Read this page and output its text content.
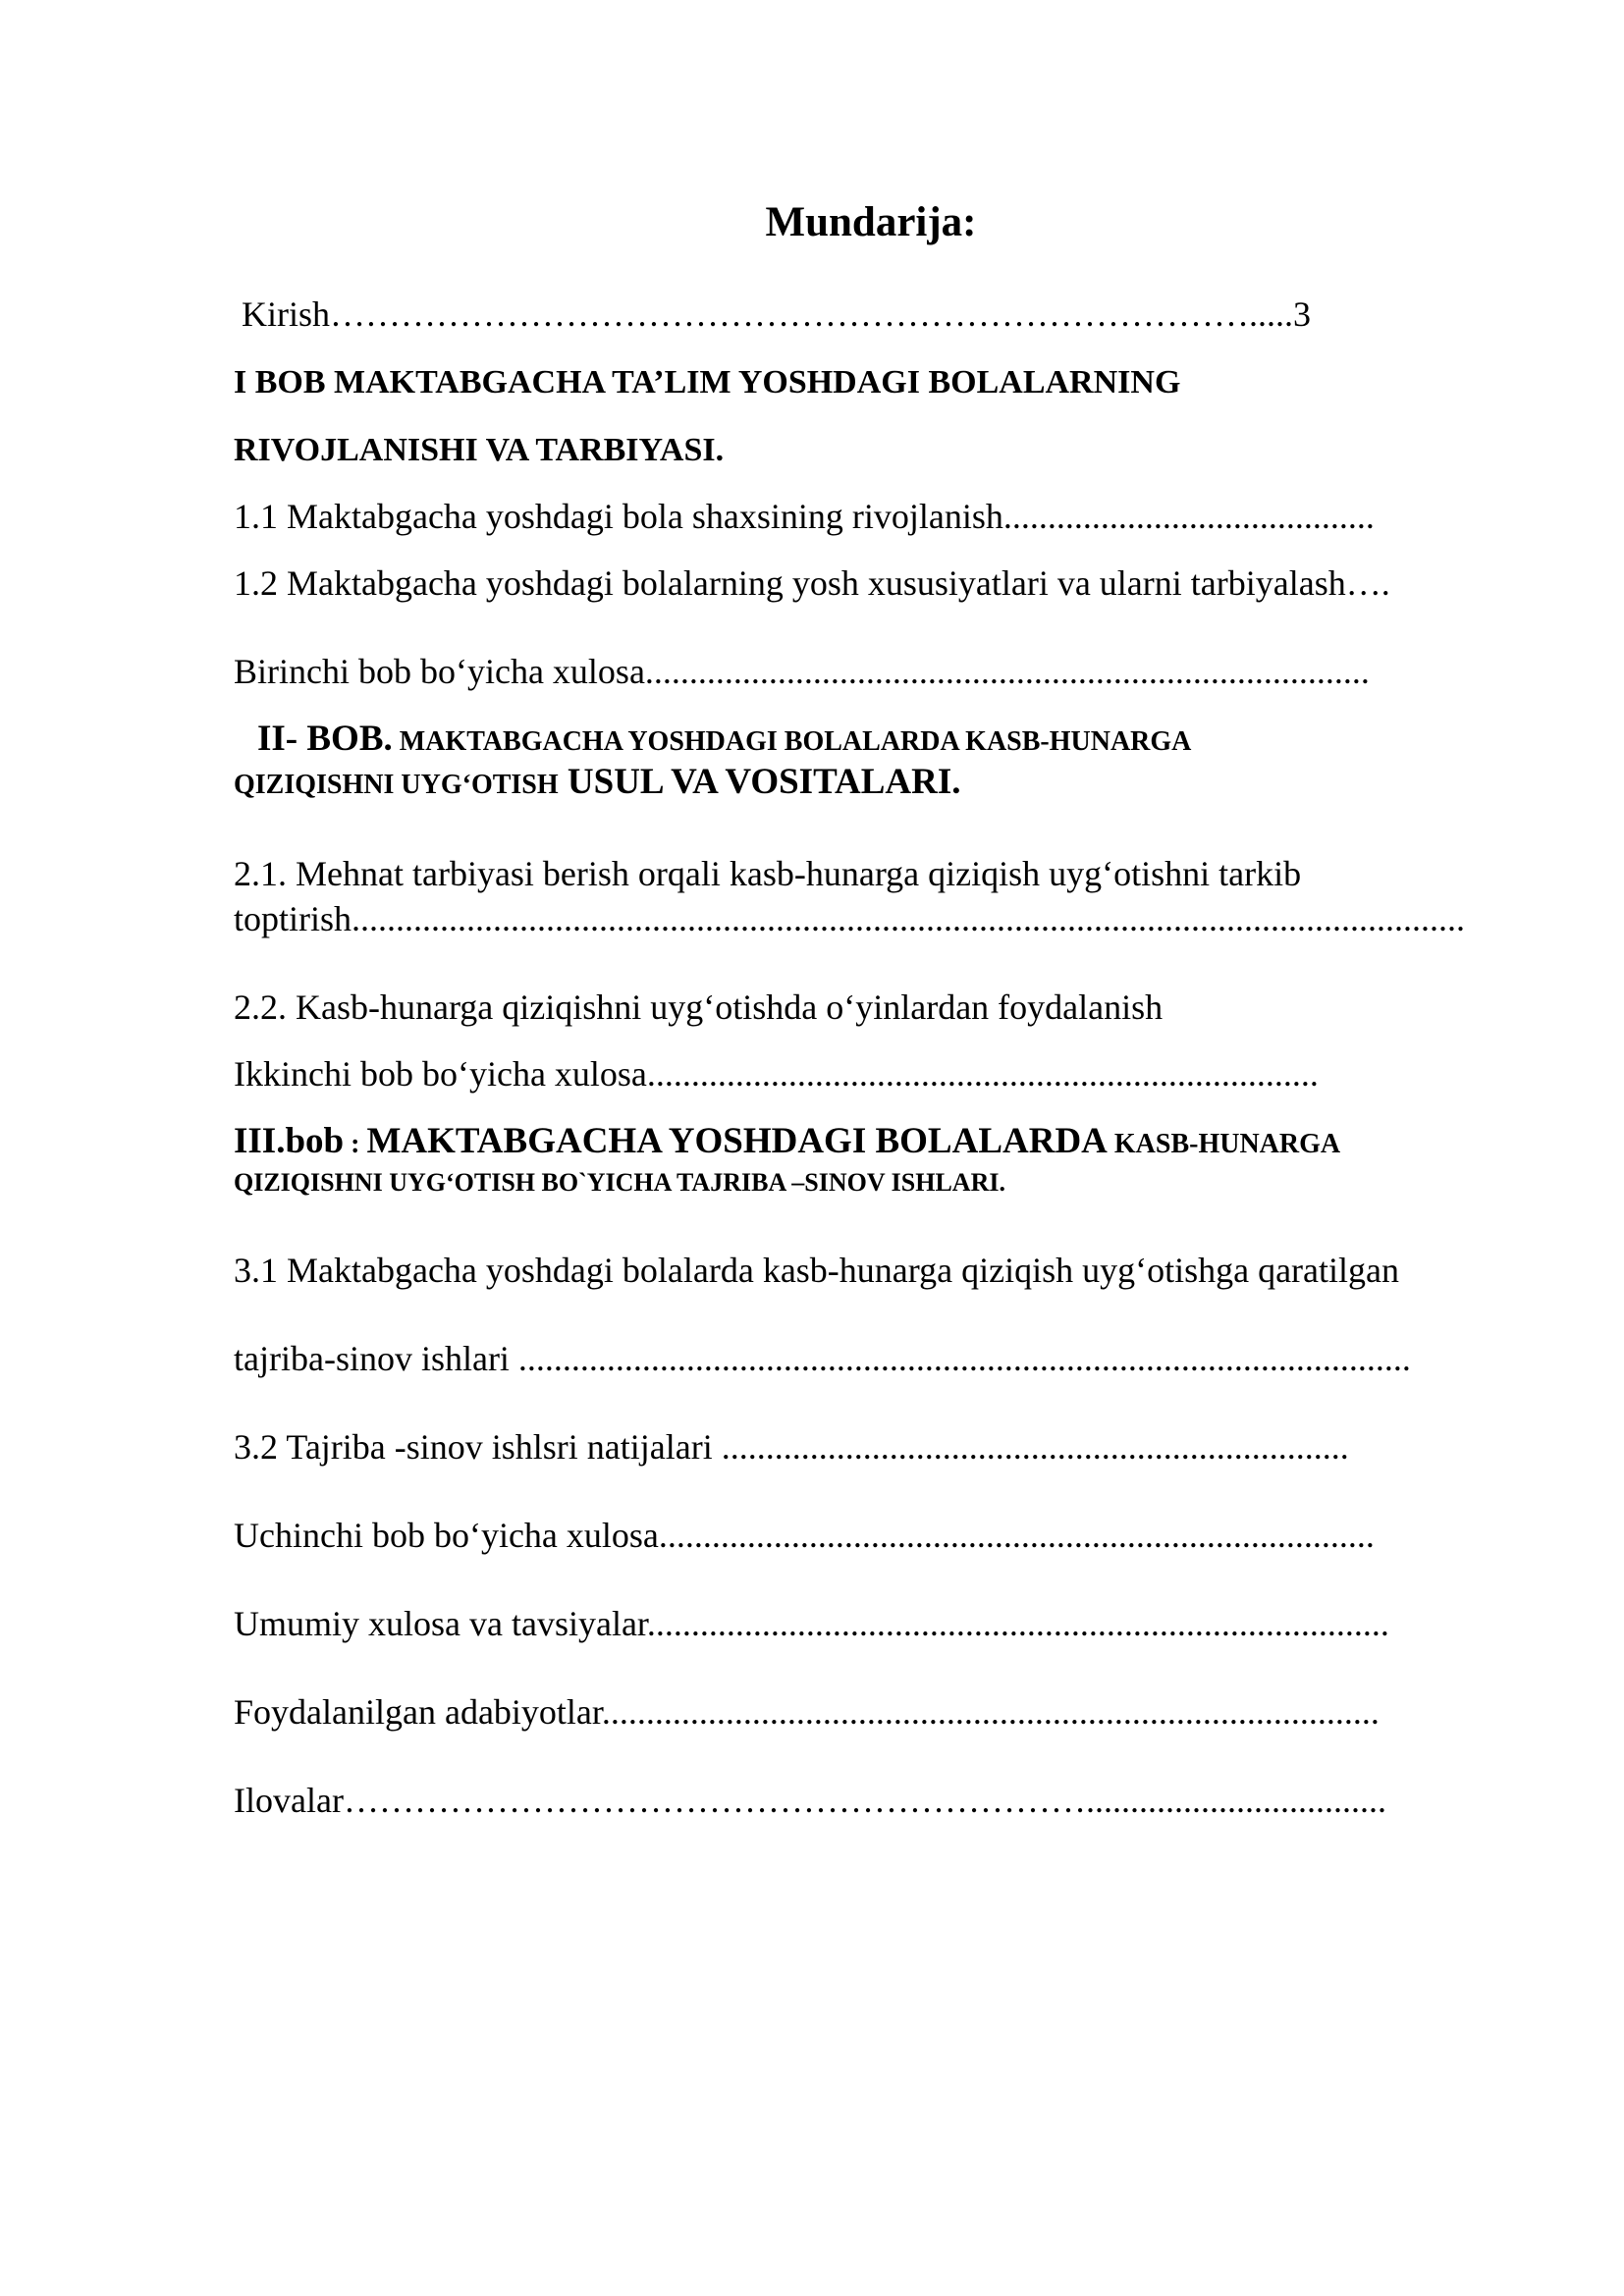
Mundarija:

Kirish…………………………………………………………………….....3

I BOB MAKTABGACHA TA’LIM YOSHDAGI BOLALARNING

RIVOJLANISHI VA TARBIYASI.

1.1 Maktabgacha yoshdagi bola shaxsining rivojlanish..........................................

1.2 Maktabgacha yoshdagi bolalarning yosh xususiyatlari va ularni tarbiyalash….

Birinchi bob bo‘yicha xulosa..................................................................................

II- BOB. MAKTABGACHA YOSHDAGI BOLALARDA KASB-HUNARGA

QIZIQISHNI UYG‘OTISH USUL VA VOSITALARI.

2.1. Mehnat tarbiyasi berish orqali kasb-hunarga qiziqish uyg‘otishni tarkib

toptirish..............................................................................................................................

2.2. Kasb-hunarga qiziqishni uyg‘otishda o‘yinlardan foydalanish

Ikkinchi bob bo‘yicha xulosa............................................................................

III.bob : MAKTABGACHA YOSHDAGI BOLALARDA KASB-HUNARGA

QIZIQISHNI UYG‘OTISH BO`YICHA TAJRIBA –SINOV ISHLARI.

3.1 Maktabgacha yoshdagi bolalarda kasb-hunarga qiziqish uyg‘otishga qaratilgan

tajriba-sinov ishlari .....................................................................................................

3.2 Tajriba -sinov ishlsri natijalari .......................................................................

Uchinchi bob bo‘yicha xulosa.................................................................................

Umumiy xulosa va tavsiyalar....................................................................................

Foydalanilgan adabiyotlar........................................................................................

Ilovalar………………………………………………………..................................
